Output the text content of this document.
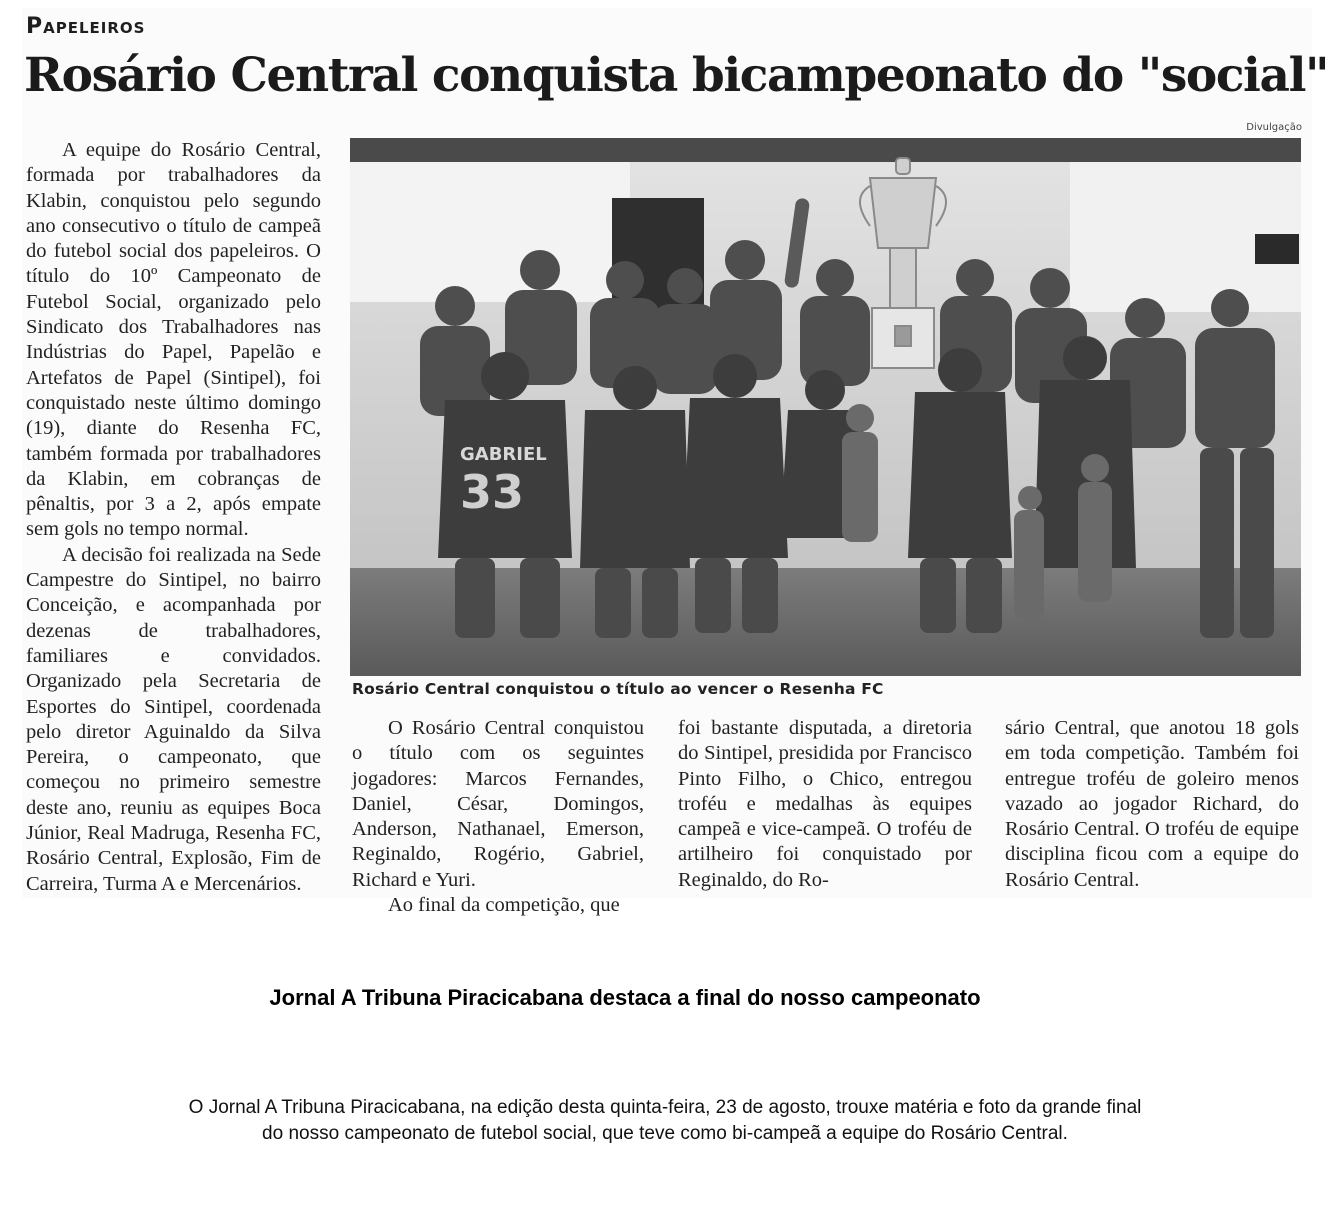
Papeleiros
Rosário Central conquista bicampeonato do "social"
Divulgação

A equipe do Rosário Central, formada por trabalhadores da Klabin, conquistou pelo segundo ano consecutivo o título de campeã do futebol social dos papeleiros. O título do 10º Campeonato de Futebol Social, organizado pelo Sindicato dos Trabalhadores nas Indústrias do Papel, Papelão e Artefatos de Papel (Sintipel), foi conquistado neste último domingo (19), diante do Resenha FC, também formada por trabalhadores da Klabin, em cobranças de pênaltis, por 3 a 2, após empate sem gols no tempo normal.

A decisão foi realizada na Sede Campestre do Sintipel, no bairro Conceição, e acompanhada por dezenas de trabalhadores, familiares e convidados. Organizado pela Secretaria de Esportes do Sintipel, coordenada pelo diretor Aguinaldo da Silva Pereira, o campeonato, que começou no primeiro semestre deste ano, reuniu as equipes Boca Júnior, Real Madruga, Resenha FC, Rosário Central, Explosão, Fim de Carreira, Turma A e Mercenários.

GABRIEL
33
Rosário Central conquistou o título ao vencer o Resenha FC

O Rosário Central conquistou o título com os seguintes jogadores: Marcos Fernandes, Daniel, César, Domingos, Anderson, Nathanael, Emerson, Reginaldo, Rogério, Gabriel, Richard e Yuri.

Ao final da competição, que

foi bastante disputada, a diretoria do Sintipel, presidida por Francisco Pinto Filho, o Chico, entregou troféu e medalhas às equipes campeã e vice-campeã. O troféu de artilheiro foi conquistado por Reginaldo, do Ro-

sário Central, que anotou 18 gols em toda competição. Também foi entregue troféu de goleiro menos vazado ao jogador Richard, do Rosário Central. O troféu de equipe disciplina ficou com a equipe do Rosário Central.

Jornal A Tribuna Piracicabana destaca a final do nosso campeonato
O Jornal A Tribuna Piracicabana, na edição desta quinta-feira, 23 de agosto, trouxe matéria e foto da grande final do nosso campeonato de futebol social, que teve como bi-campeã a equipe do Rosário Central.
